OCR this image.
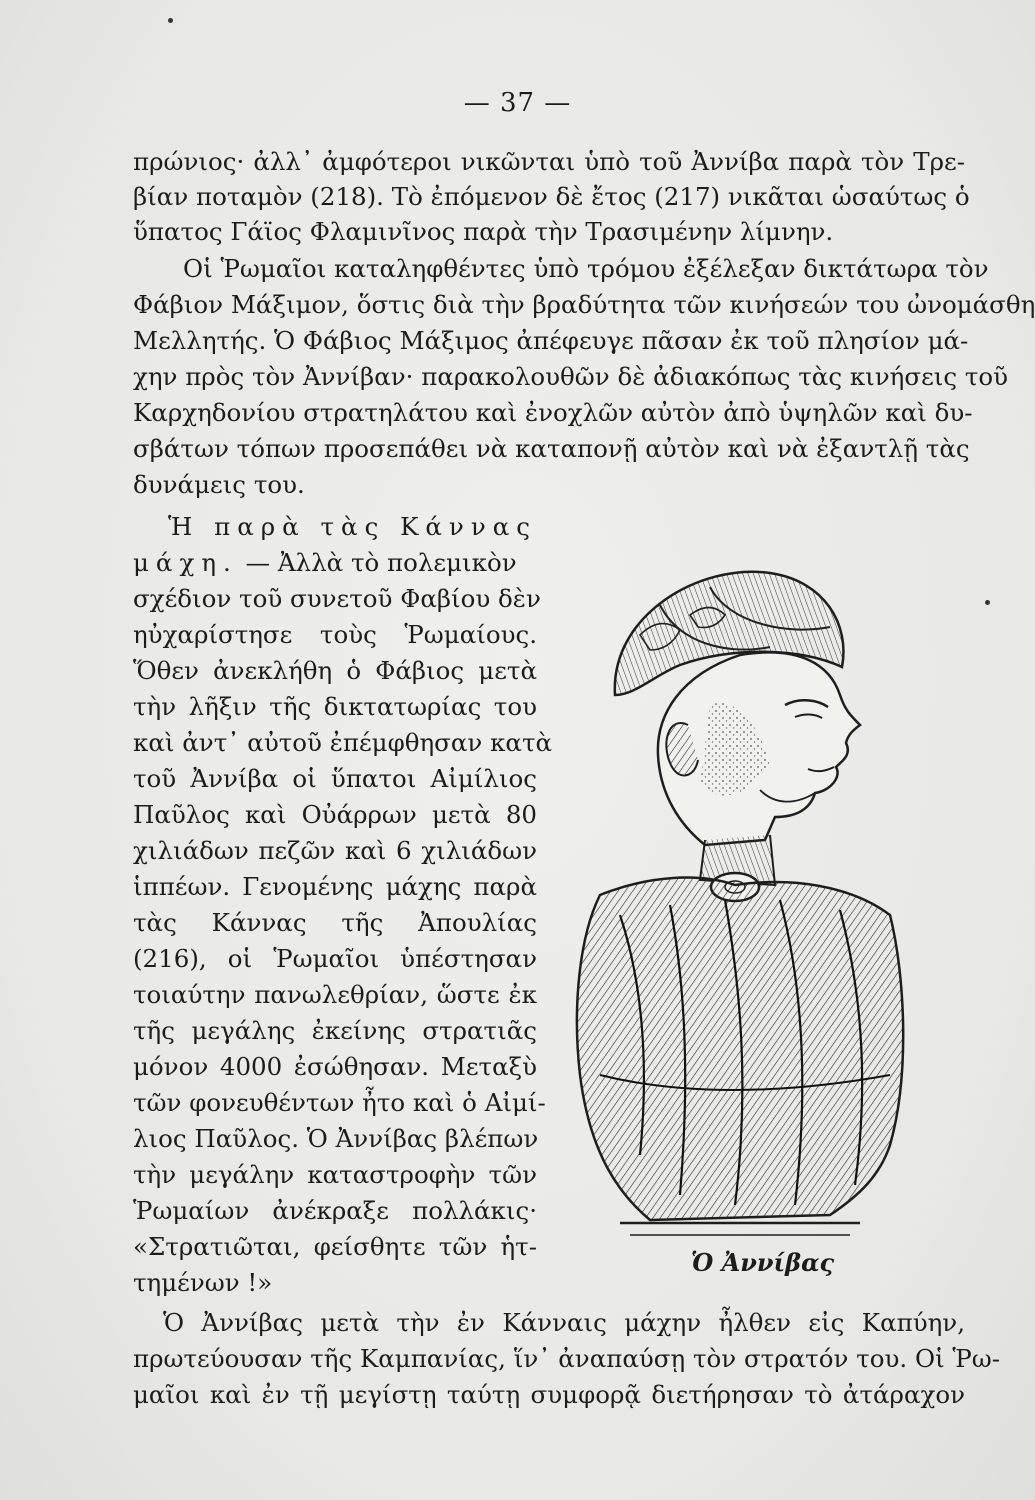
— 37 —
πρώνιος· ἀλλ᾽ ἀμφότεροι νικῶνται ὑπὸ τοῦ Ἀννίβα παρὰ τὸν Τρε-
βίαν ποταμὸν (218). Τὸ ἐπόμενον δὲ ἔτος (217) νικᾶται ὡσαύτως ὁ
ὕπατος Γάϊος Φλαμινῖνος παρὰ τὴν Τρασιμένην λίμνην.
Οἱ Ῥωμαῖοι καταληφθέντες ὑπὸ τρόμου ἐξέλεξαν δικτάτωρα τὸν
Φάβιον Μάξιμον, ὅστις διὰ τὴν βραδύτητα τῶν κινήσεών του ὠνομάσθη
Μελλητής. Ὁ Φάβιος Μάξιμος ἀπέφευγε πᾶσαν ἐκ τοῦ πλησίον μά-
χην πρὸς τὸν Ἀννίβαν· παρακολουθῶν δὲ ἀδιακόπως τὰς κινήσεις τοῦ
Καρχηδονίου στρατηλάτου καὶ ἐνοχλῶν αὐτὸν ἀπὸ ὑψηλῶν καὶ δυ-
σβάτων τόπων προσεπάθει νὰ καταπονῇ αὐτὸν καὶ νὰ ἐξαντλῇ τὰς
δυνάμεις του.
Ἡ παρὰ τὰς Κάννας
μάχη. — Ἀλλὰ τὸ πολεμικὸν
σχέδιον τοῦ συνετοῦ Φαβίου δὲν
ηὐχαρίστησε τοὺς Ῥωμαίους.
Ὅθεν ἀνεκλήθη ὁ Φάβιος μετὰ
τὴν λῆξιν τῆς δικτατωρίας του
καὶ ἀντ᾽ αὐτοῦ ἐπέμφθησαν κατὰ
τοῦ Ἀννίβα οἱ ὕπατοι Αἰμίλιος
Παῦλος καὶ Οὐάρρων μετὰ 80
χιλιάδων πεζῶν καὶ 6 χιλιάδων
ἱππέων. Γενομένης μάχης παρὰ
τὰς Κάννας τῆς Ἀπουλίας
(216), οἱ Ῥωμαῖοι ὑπέστησαν
τοιαύτην πανωλεθρίαν, ὥστε ἐκ
τῆς μεγάλης ἐκείνης στρατιᾶς
μόνον 4000 ἐσώθησαν. Μεταξὺ
τῶν φονευθέντων ἦτο καὶ ὁ Αἰμί-
λιος Παῦλος. Ὁ Ἀννίβας βλέπων
τὴν μεγάλην καταστροφὴν τῶν
Ῥωμαίων ἀνέκραξε πολλάκις·
«Στρατιῶται, φείσθητε τῶν ἡτ-
τημένων !»
Ὁ Ἀννίβας
Ὁ Ἀννίβας μετὰ τὴν ἐν Κάνναις μάχην ἦλθεν εἰς Καπύην,
πρωτεύουσαν τῆς Καμπανίας, ἵν᾽ ἀναπαύσῃ τὸν στρατόν του. Οἱ Ῥω-
μαῖοι καὶ ἐν τῇ μεγίστῃ ταύτῃ συμφορᾷ διετήρησαν τὸ ἀτάραχον
